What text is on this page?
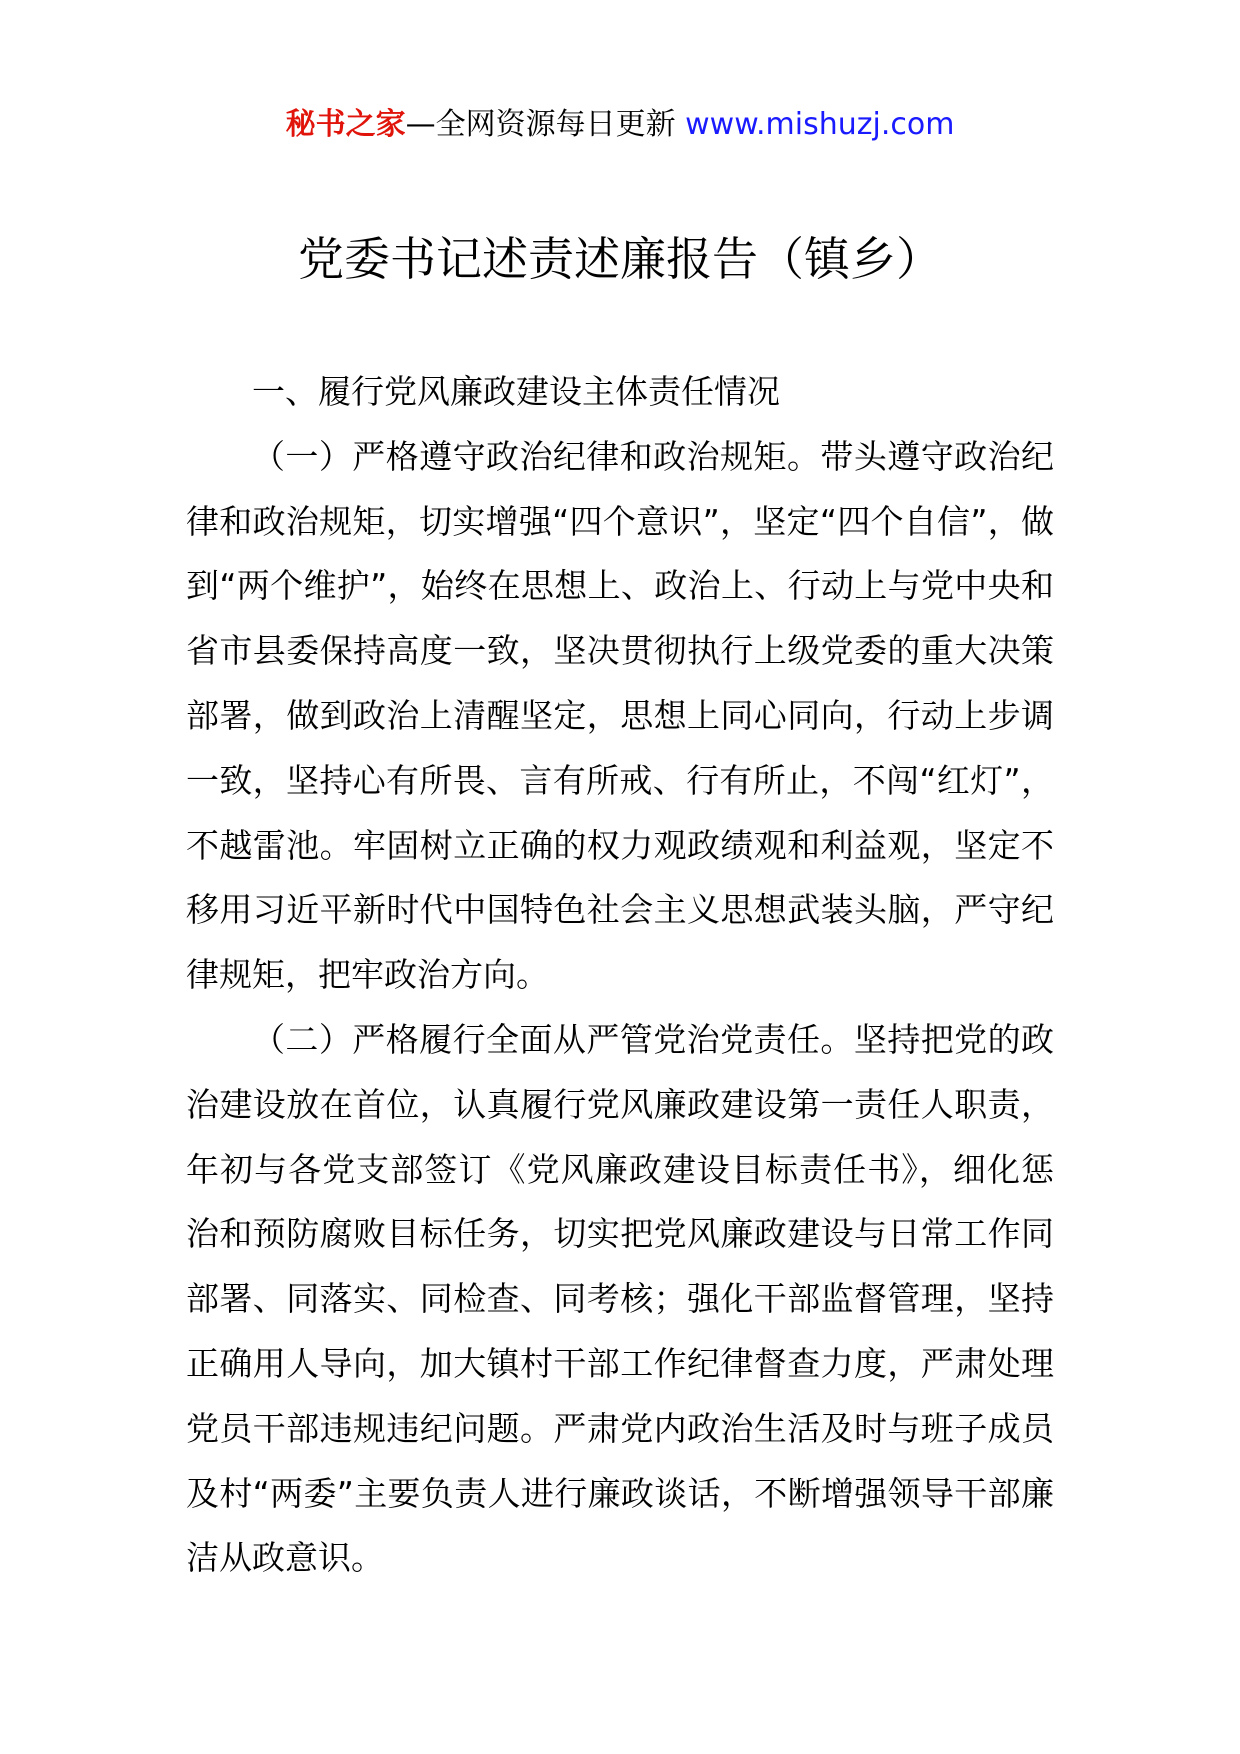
秘书之家—全网资源每日更新 www.mishuzj.com
党委书记述责述廉报告（镇乡）

一、履行党风廉政建设主体责任情况

（一）严格遵守政治纪律和政治规矩。带头遵守政治纪律和政治规矩，切实增强“四个意识”，坚定“四个自信”，做到“两个维护”，始终在思想上、政治上、行动上与党中央和省市县委保持高度一致，坚决贯彻执行上级党委的重大决策部署，做到政治上清醒坚定，思想上同心同向，行动上步调一致，坚持心有所畏、言有所戒、行有所止，不闯“红灯”，不越雷池。牢固树立正确的权力观政绩观和利益观，坚定不移用习近平新时代中国特色社会主义思想武装头脑，严守纪律规矩，把牢政治方向。

（二）严格履行全面从严管党治党责任。坚持把党的政治建设放在首位，认真履行党风廉政建设第一责任人职责，年初与各党支部签订《党风廉政建设目标责任书》，细化惩治和预防腐败目标任务，切实把党风廉政建设与日常工作同部署、同落实、同检查、同考核；强化干部监督管理，坚持正确用人导向，加大镇村干部工作纪律督查力度，严肃处理党员干部违规违纪问题。严肃党内政治生活及时与班子成员及村“两委”主要负责人进行廉政谈话，不断增强领导干部廉洁从政意识。
